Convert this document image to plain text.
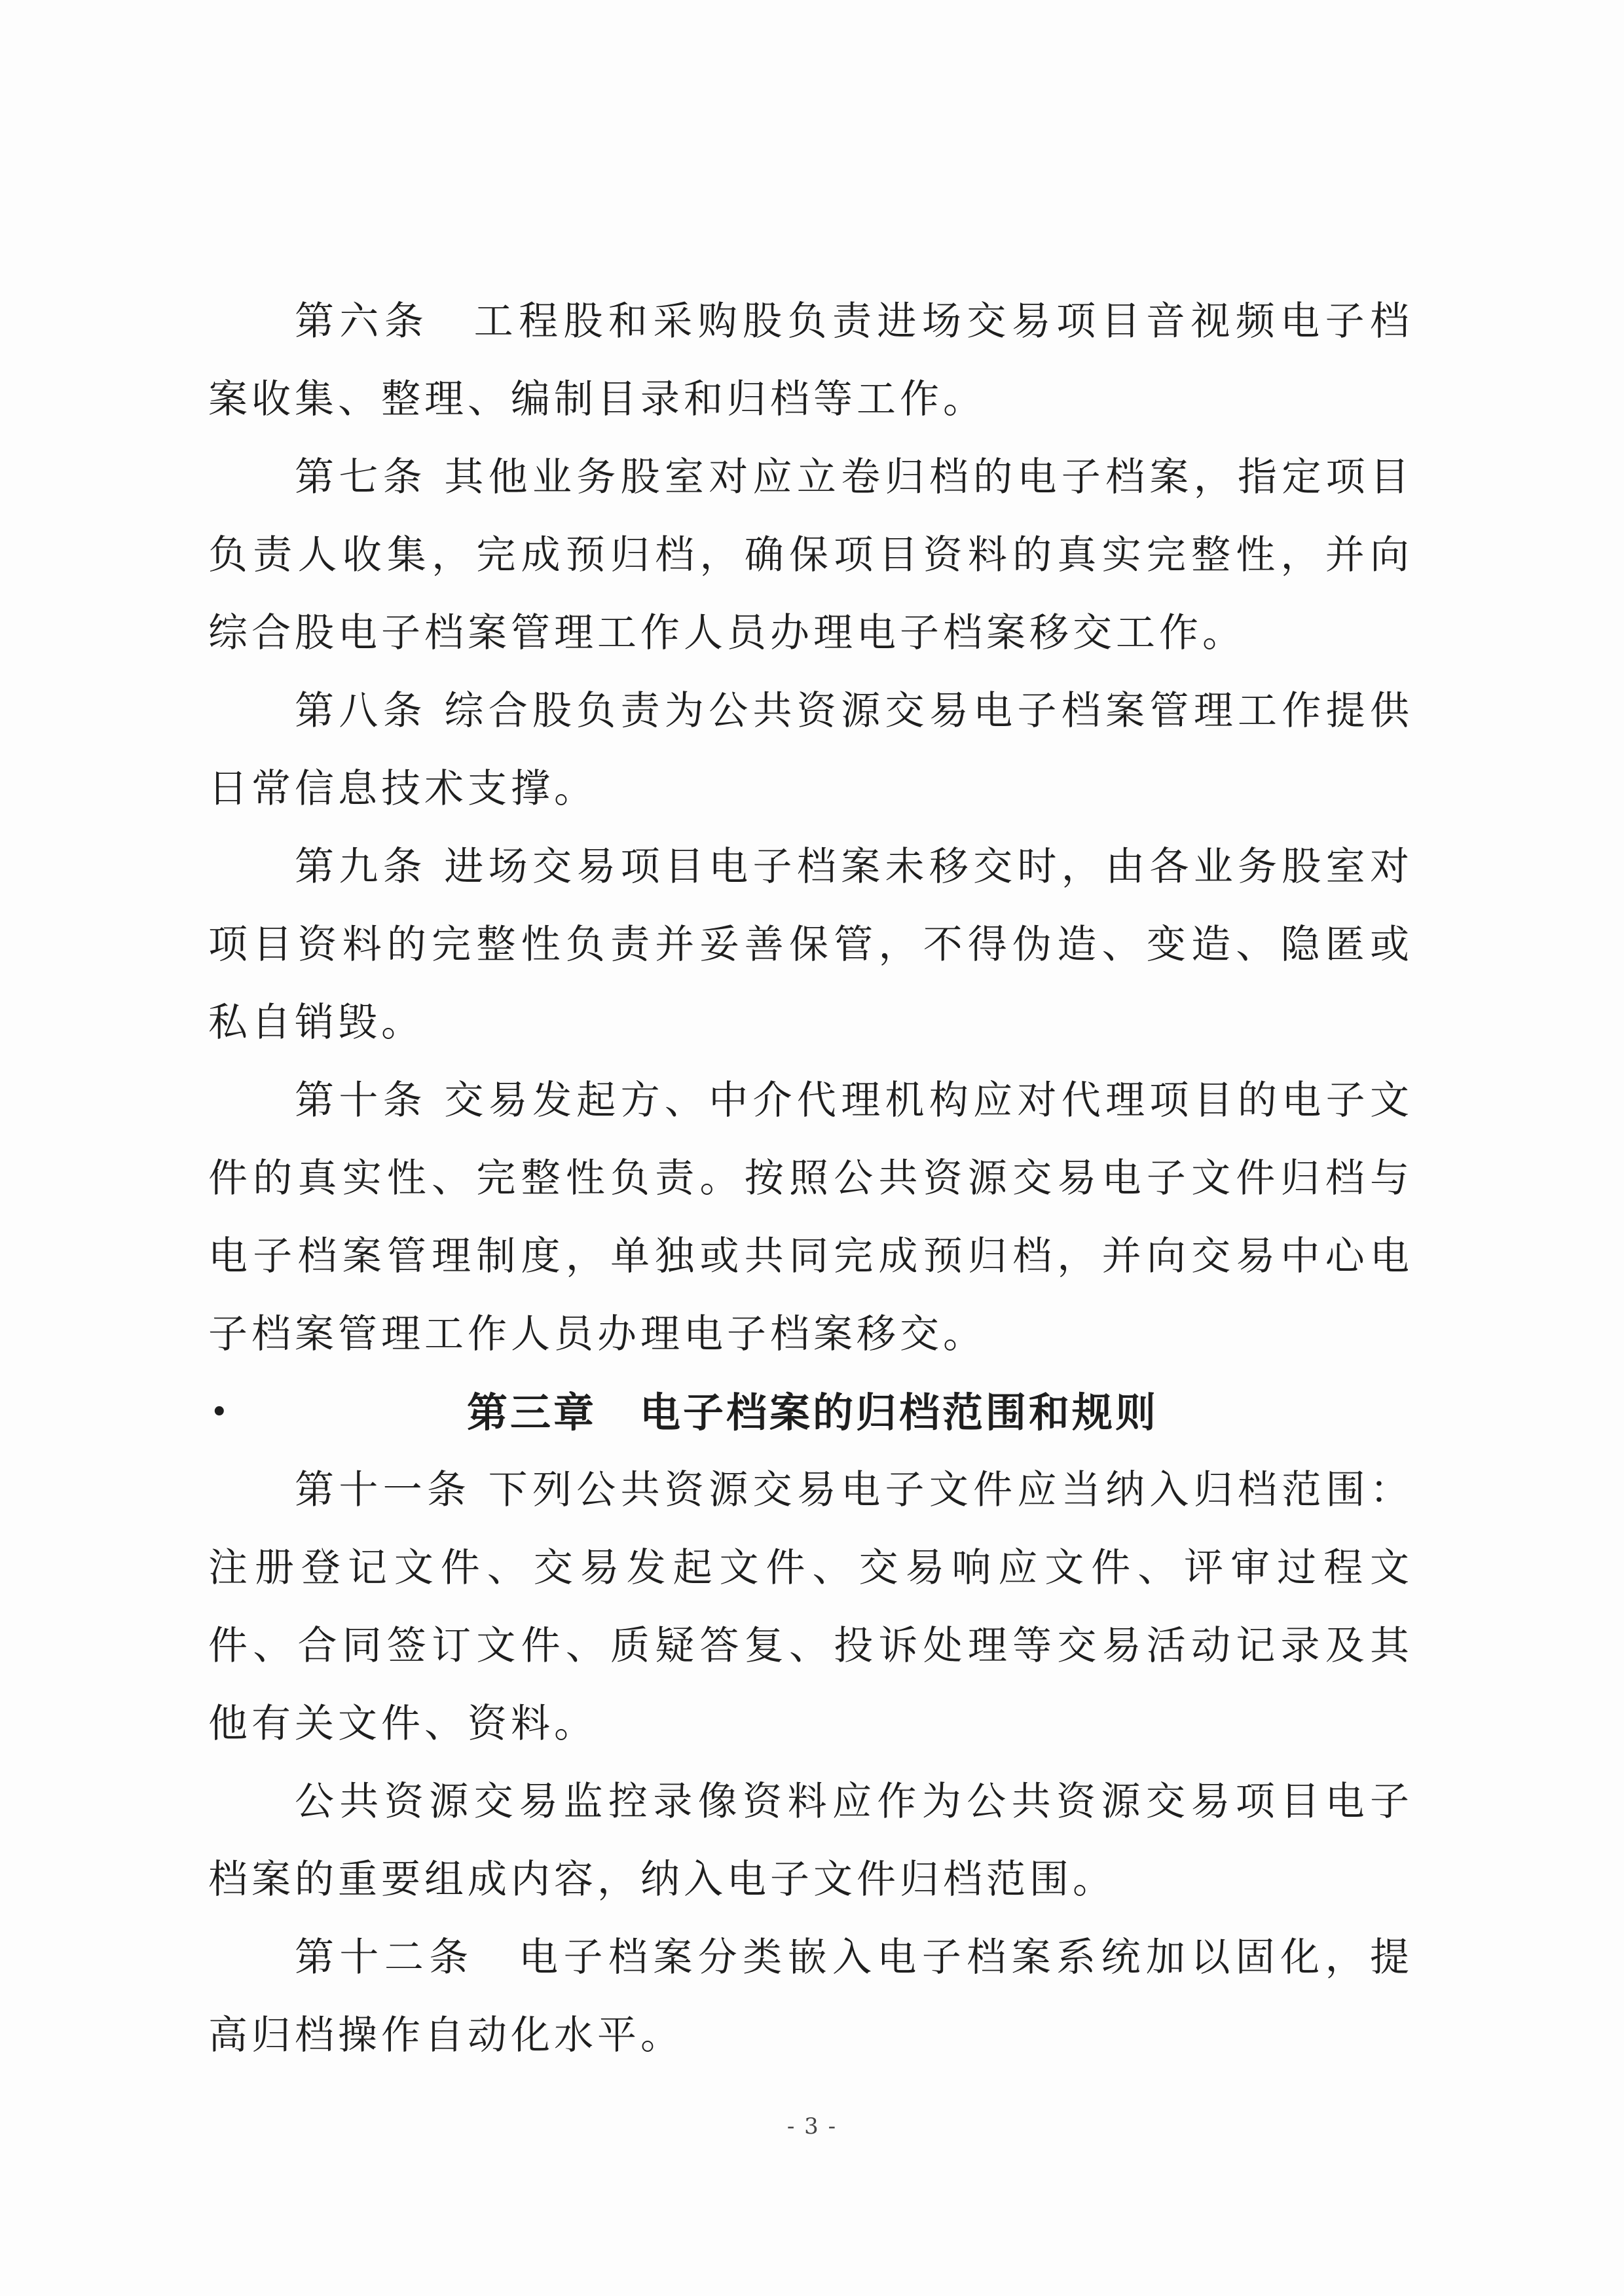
第六条　工程股和采购股负责进场交易项目音视频电子档案收集、整理、编制目录和归档等工作。

第七条 其他业务股室对应立卷归档的电子档案，指定项目负责人收集，完成预归档，确保项目资料的真实完整性，并向综合股电子档案管理工作人员办理电子档案移交工作。

第八条 综合股负责为公共资源交易电子档案管理工作提供日常信息技术支撑。

第九条 进场交易项目电子档案未移交时，由各业务股室对项目资料的完整性负责并妥善保管，不得伪造、变造、隐匿或私自销毁。

第十条 交易发起方、中介代理机构应对代理项目的电子文件的真实性、完整性负责。按照公共资源交易电子文件归档与电子档案管理制度，单独或共同完成预归档，并向交易中心电子档案管理工作人员办理电子档案移交。

•	第三章　电子档案的归档范围和规则

第十一条 下列公共资源交易电子文件应当纳入归档范围：注册登记文件、交易发起文件、交易响应文件、评审过程文件、合同签订文件、质疑答复、投诉处理等交易活动记录及其他有关文件、资料。

公共资源交易监控录像资料应作为公共资源交易项目电子档案的重要组成内容，纳入电子文件归档范围。

第十二条　电子档案分类嵌入电子档案系统加以固化，提高归档操作自动化水平。

- 3 -
